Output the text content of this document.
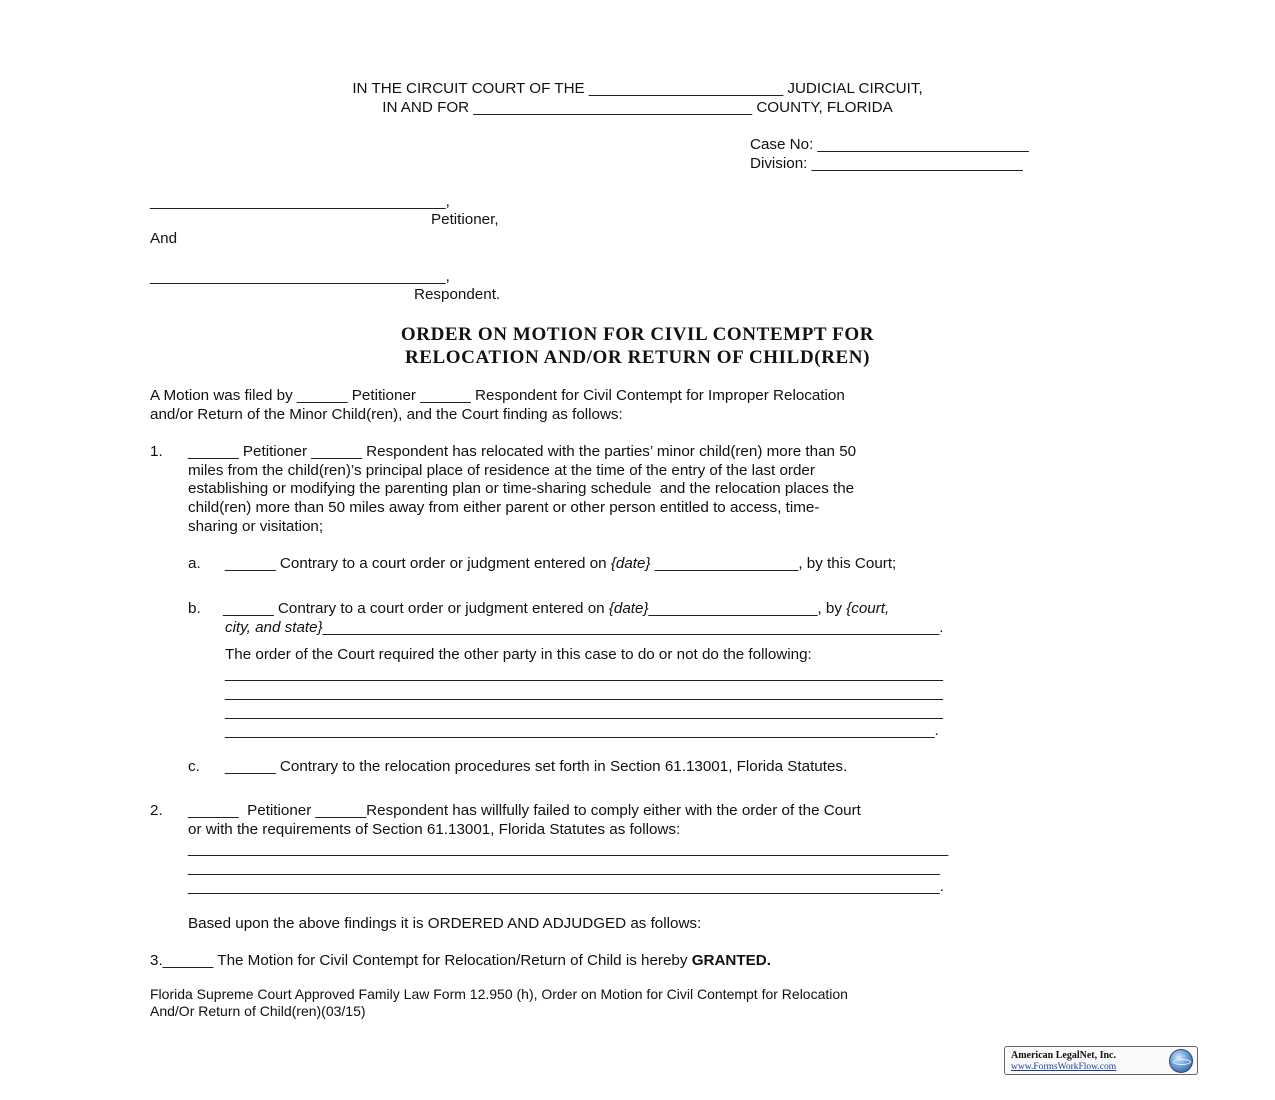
IN THE CIRCUIT COURT OF THE _______________________ JUDICIAL CIRCUIT,
IN AND FOR _________________________________ COUNTY, FLORIDA
Case No: _________________________
Division: _________________________
___________________________________,
Petitioner,
And
___________________________________,
Respondent.
ORDER ON MOTION FOR CIVIL CONTEMPT FOR
RELOCATION AND/OR RETURN OF CHILD(REN)
A Motion was filed by ______ Petitioner ______ Respondent for Civil Contempt for Improper Relocation
and/or Return of the Minor Child(ren), and the Court finding as follows:
1. ______ Petitioner ______ Respondent has relocated with the parties’ minor child(ren) more than 50
miles from the child(ren)’s principal place of residence at the time of the entry of the last order
establishing or modifying the parenting plan or time-sharing schedule  and the relocation places the
child(ren) more than 50 miles away from either parent or other person entitled to access, time-
sharing or visitation;
a. ______ Contrary to a court order or judgment entered on {date} _________________, by this Court;
b. ______ Contrary to a court order or judgment entered on {date}____________________, by {court,
city, and state}_________________________________________________________________________.
The order of the Court required the other party in this case to do or not do the following:
_____________________________________________________________________________________
_____________________________________________________________________________________
_____________________________________________________________________________________
____________________________________________________________________________________.
c. ______ Contrary to the relocation procedures set forth in Section 61.13001, Florida Statutes.
2. ______  Petitioner ______Respondent has willfully failed to comply either with the order of the Court
or with the requirements of Section 61.13001, Florida Statutes as follows:
__________________________________________________________________________________________
_________________________________________________________________________________________
_________________________________________________________________________________________.
Based upon the above findings it is ORDERED AND ADJUDGED as follows:
3.______ The Motion for Civil Contempt for Relocation/Return of Child is hereby GRANTED.
Florida Supreme Court Approved Family Law Form 12.950 (h), Order on Motion for Civil Contempt for Relocation
And/Or Return of Child(ren)(03/15)
American LegalNet, Inc.
www.FormsWorkFlow.com
